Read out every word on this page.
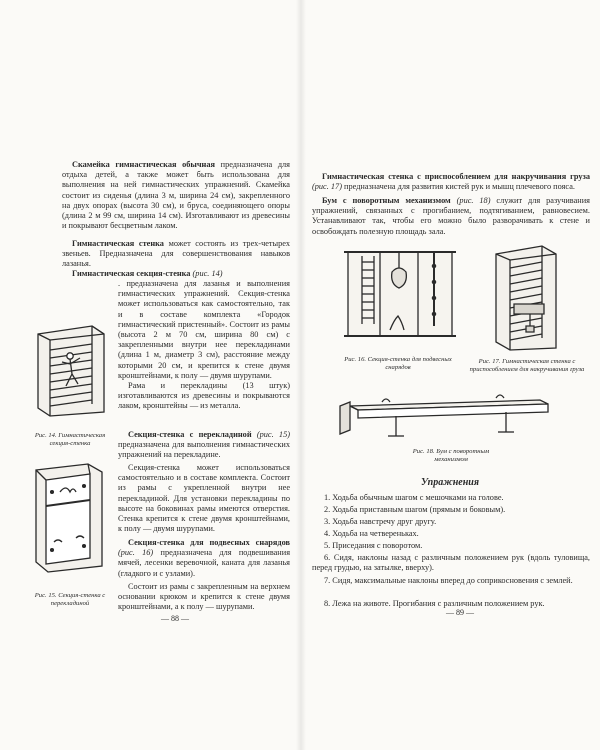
Скамейка гимнастическая обычная предназначена для отдыха детей, а также может быть использована для выполнения на ней гимнастических упражнений. Скамейка состоит из сиденья (длина 3 м, ширина 24 см), закрепленного на двух опорах (высота 30 см), и бруса, соединяющего опоры (длина 2 м 99 см, ширина 14 см). Изготавливают из древесины и покрывают бесцветным лаком.

Гимнастическая стенка может состоять из трех-четырех звеньев. Предназначена для совершенствования навыков лазанья.

Гимнастическая секция-стенка (рис. 14)

. предназначена для лазанья и выполнения гимнастических упражнений. Секция-стенка может использоваться как самостоятельно, так и в составе комплекта «Городок гимнастический пристенный». Состоит из рамы (высота 2 м 70 см, ширина 80 см) с закрепленными внутри нее перекладинами (длина 1 м, диаметр 3 см), расстояние между которыми 20 см, и крепится к стене двумя кронштейнами, к полу — двумя шурупами.

Рама и перекладины (13 штук) изготавливаются из древесины и покрываются лаком, кронштейны — из металла.

Секция-стенка с перекладиной (рис. 15) предназначена для выполнения гимнастических упражнений на перекладине.

Секция-стенка может использоваться самостоятельно и в составе комплекта. Состоит из рамы с укрепленной внутри нее перекладиной. Для установки перекладины по высоте на боковинах рамы имеются отверстия. Стенка крепится к стене двумя кронштейнами, к полу — двумя шурупами.

Секция-стенка для подвесных снарядов (рис. 16) предназначена для подвешивания мячей, лесенки веревочной, каната для лазанья (гладкого и с узлами).

Состоит из рамы с закрепленным на верхнем основании крюком и крепится к стене двумя кронштейнами, а к полу — шурупами.

Рис. 14. Гимнастическая секция-стенка

Рис. 15. Секция-стенка с перекладиной

— 88 —

Гимнастическая стенка с приспособлением для накручивания груза (рис. 17) предназначена для развития кистей рук и мышц плечевого пояса.

Бум с поворотным механизмом (рис. 18) служит для разучивания упражнений, связанных с прогибанием, подтягиванием, равновесием. Устанавливают так, чтобы его можно было разворачивать к стене и освобождать полезную площадь зала.

Рис. 16. Секция-стенка для подвесных снарядов

Рис. 17. Гимнастическая стенка с приспособлением для накручивания груза

Рис. 18. Бум с поворотным механизмом

Упражнения

1. Ходьба обычным шагом с мешочками на голове.

2. Ходьба приставным шагом (прямым и боковым).

3. Ходьба навстречу друг другу.

4. Ходьба на четвереньках.

5. Приседания с поворотом.

6. Сидя, наклоны назад с различным положением рук (вдоль туловища, перед грудью, на затылке, вверху).

7. Сидя, максимальные наклоны вперед до соприкосновения с землей.

8. Лежа на животе. Прогибания с различным положением рук.

— 89 —
